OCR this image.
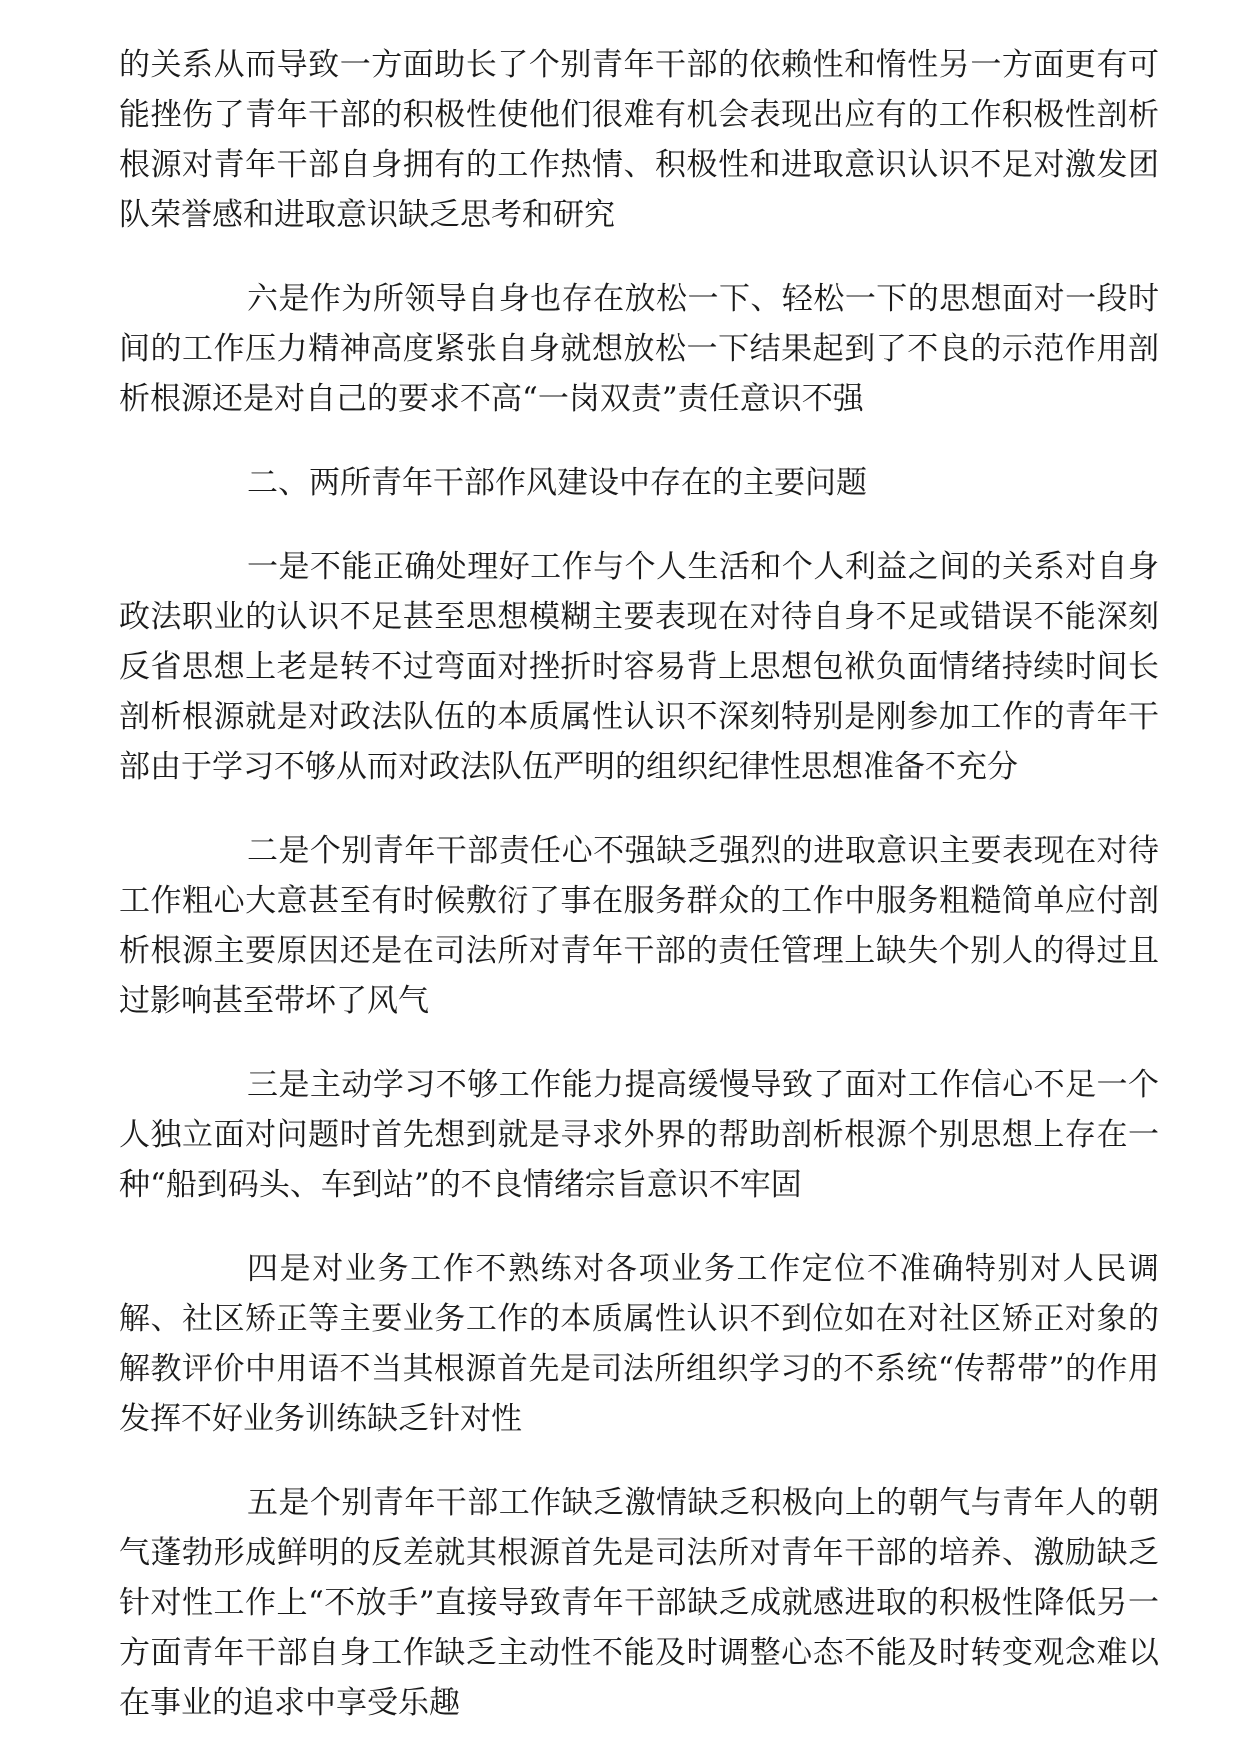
的关系从而导致一方面助长了个别青年干部的依赖性和惰性另一方面更有可能挫伤了青年干部的积极性使他们很难有机会表现出应有的工作积极性剖析根源对青年干部自身拥有的工作热情、积极性和进取意识认识不足对激发团队荣誉感和进取意识缺乏思考和研究

六是作为所领导自身也存在放松一下、轻松一下的思想面对一段时间的工作压力精神高度紧张自身就想放松一下结果起到了不良的示范作用剖析根源还是对自己的要求不高“一岗双责”责任意识不强

二、两所青年干部作风建设中存在的主要问题

一是不能正确处理好工作与个人生活和个人利益之间的关系对自身政法职业的认识不足甚至思想模糊主要表现在对待自身不足或错误不能深刻反省思想上老是转不过弯面对挫折时容易背上思想包袱负面情绪持续时间长剖析根源就是对政法队伍的本质属性认识不深刻特别是刚参加工作的青年干部由于学习不够从而对政法队伍严明的组织纪律性思想准备不充分

二是个别青年干部责任心不强缺乏强烈的进取意识主要表现在对待工作粗心大意甚至有时候敷衍了事在服务群众的工作中服务粗糙简单应付剖析根源主要原因还是在司法所对青年干部的责任管理上缺失个别人的得过且过影响甚至带坏了风气

三是主动学习不够工作能力提高缓慢导致了面对工作信心不足一个人独立面对问题时首先想到就是寻求外界的帮助剖析根源个别思想上存在一种“船到码头、车到站”的不良情绪宗旨意识不牢固

四是对业务工作不熟练对各项业务工作定位不准确特别对人民调解、社区矫正等主要业务工作的本质属性认识不到位如在对社区矫正对象的解教评价中用语不当其根源首先是司法所组织学习的不系统“传帮带”的作用发挥不好业务训练缺乏针对性

五是个别青年干部工作缺乏激情缺乏积极向上的朝气与青年人的朝气蓬勃形成鲜明的反差就其根源首先是司法所对青年干部的培养、激励缺乏针对性工作上“不放手”直接导致青年干部缺乏成就感进取的积极性降低另一方面青年干部自身工作缺乏主动性不能及时调整心态不能及时转变观念难以在事业的追求中享受乐趣
